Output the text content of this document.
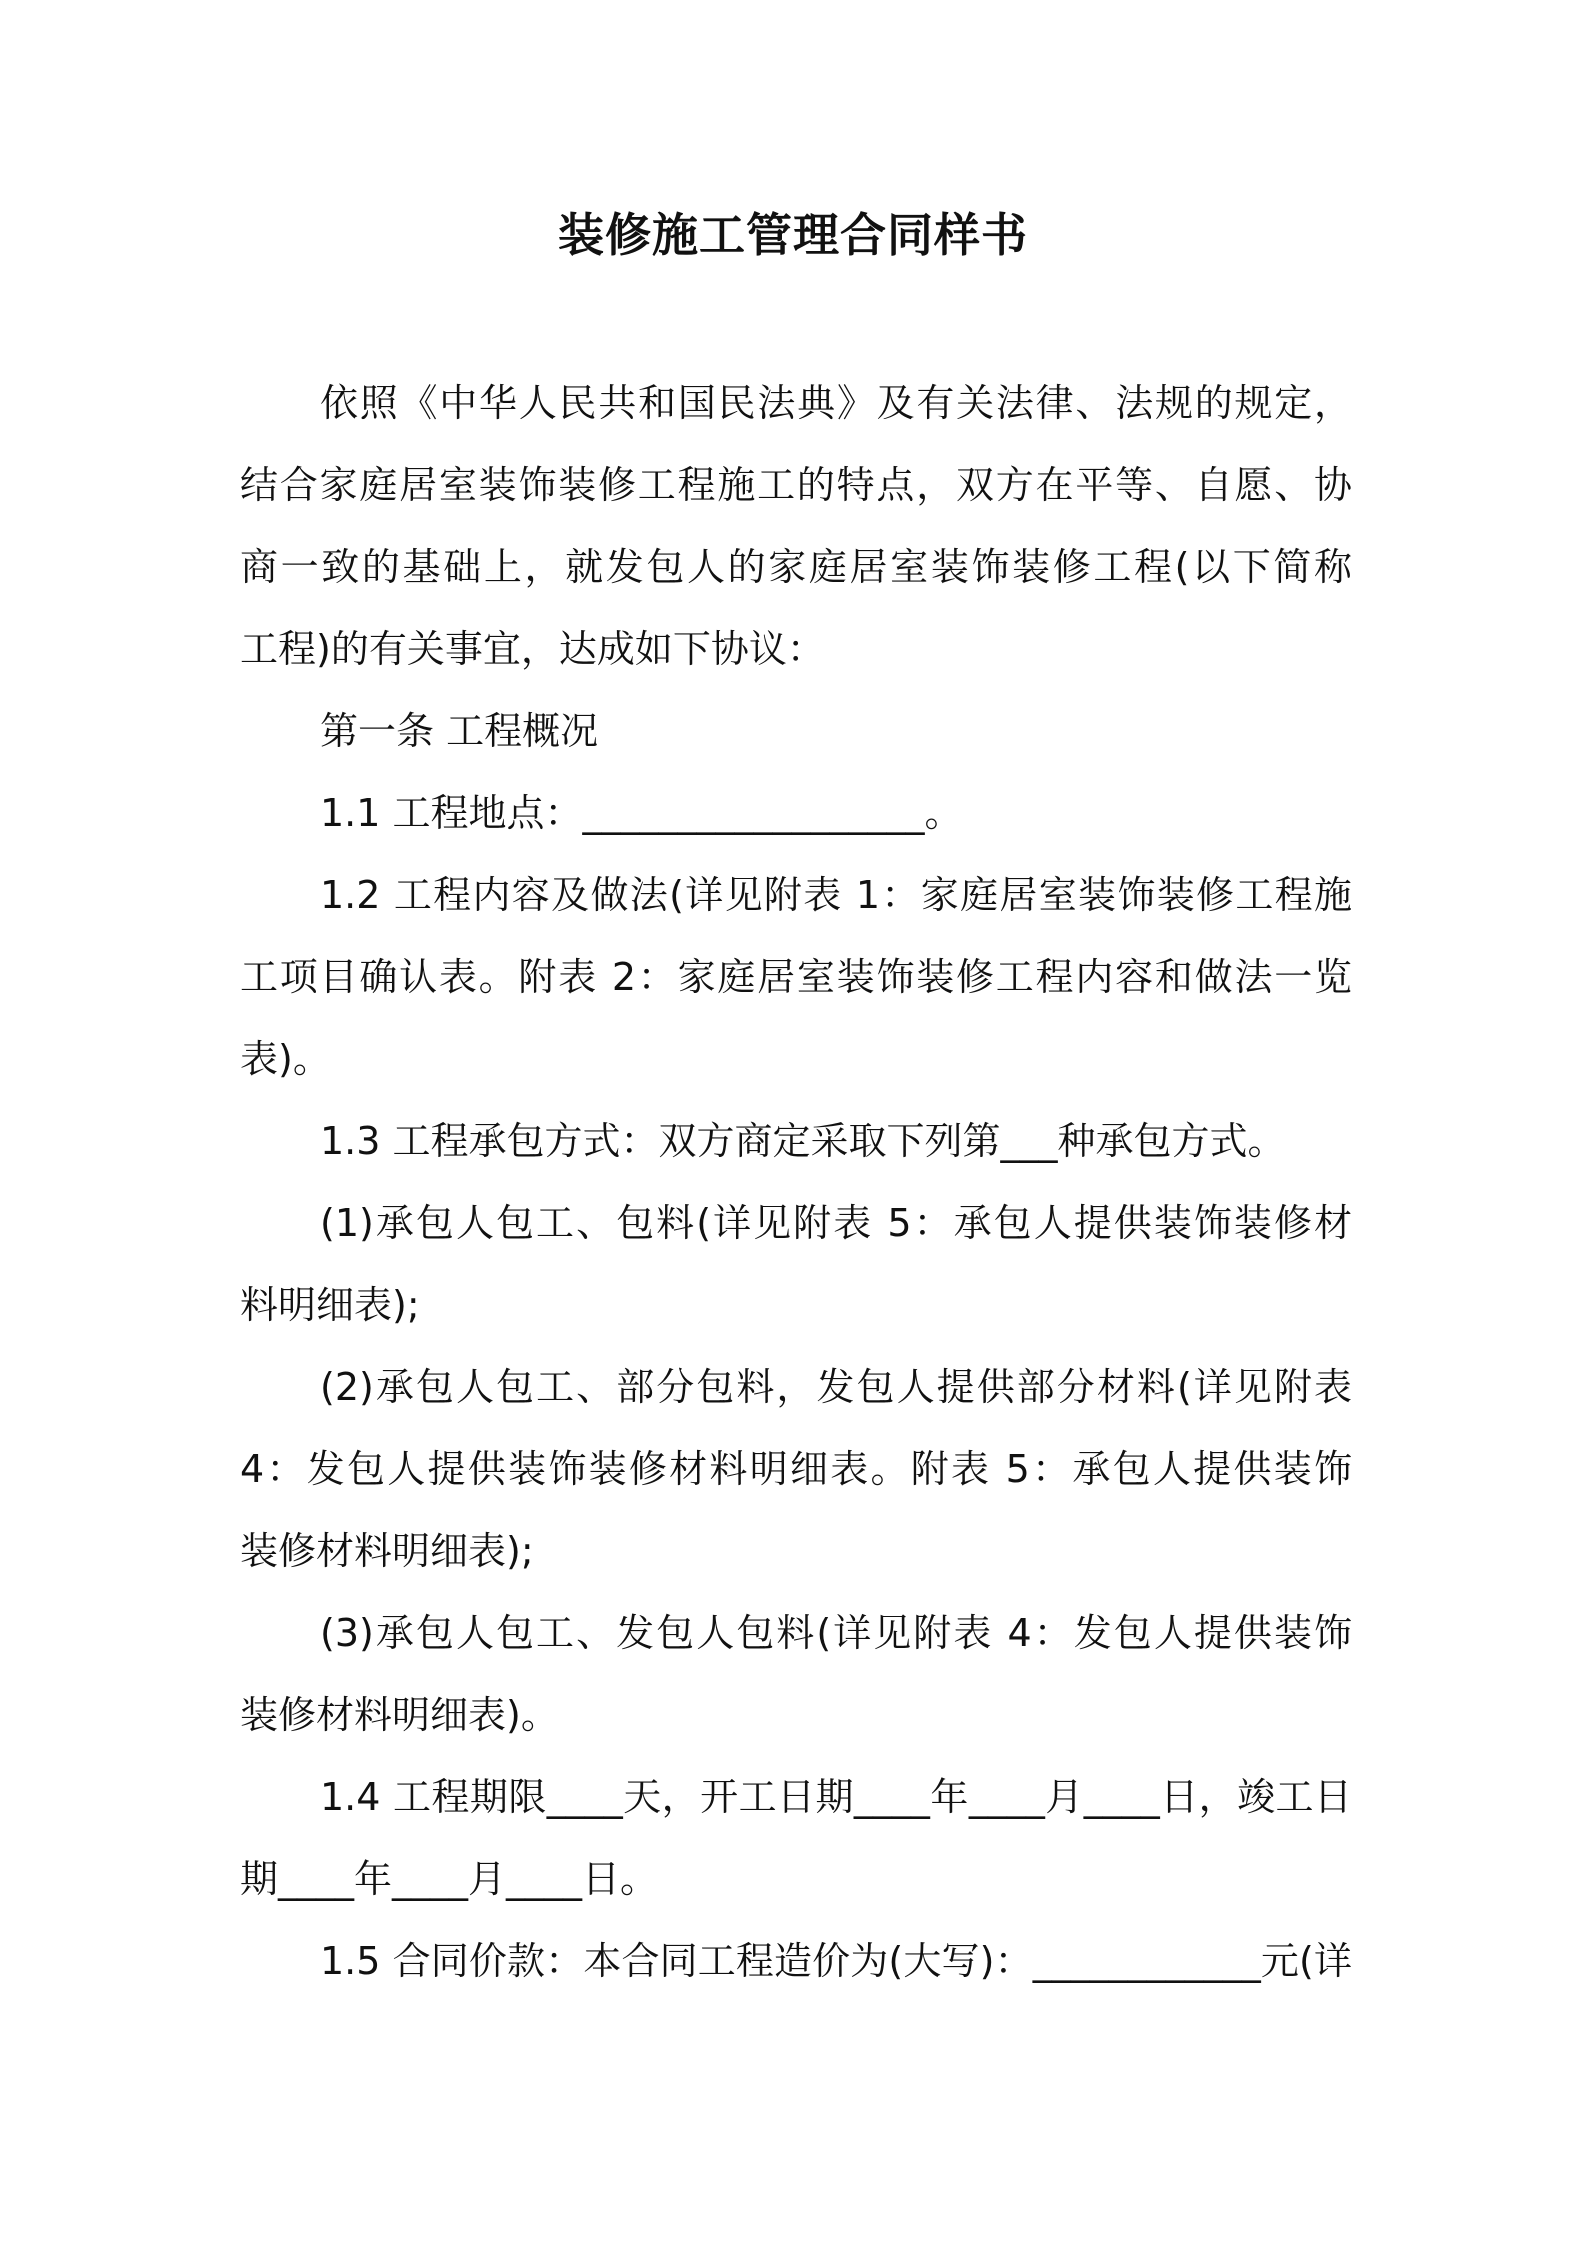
装修施工管理合同样书
依照《中华人民共和国民法典》及有关法律、法规的规定，
结合家庭居室装饰装修工程施工的特点，双方在平等、自愿、协
商一致的基础上，就发包人的家庭居室装饰装修工程(以下简称
工程)的有关事宜，达成如下协议：
第一条 工程概况
1.1 工程地点：__________________。
1.2 工程内容及做法(详见附表 1：家庭居室装饰装修工程施
工项目确认表。附表 2：家庭居室装饰装修工程内容和做法一览
表)。
1.3 工程承包方式：双方商定采取下列第___种承包方式。
(1)承包人包工、包料(详见附表 5：承包人提供装饰装修材
料明细表);
(2)承包人包工、部分包料，发包人提供部分材料(详见附表
4：发包人提供装饰装修材料明细表。附表 5：承包人提供装饰
装修材料明细表);
(3)承包人包工、发包人包料(详见附表 4：发包人提供装饰
装修材料明细表)。
1.4 工程期限____天，开工日期____年____月____日，竣工日
期____年____月____日。
1.5 合同价款：本合同工程造价为(大写)：____________元(详
